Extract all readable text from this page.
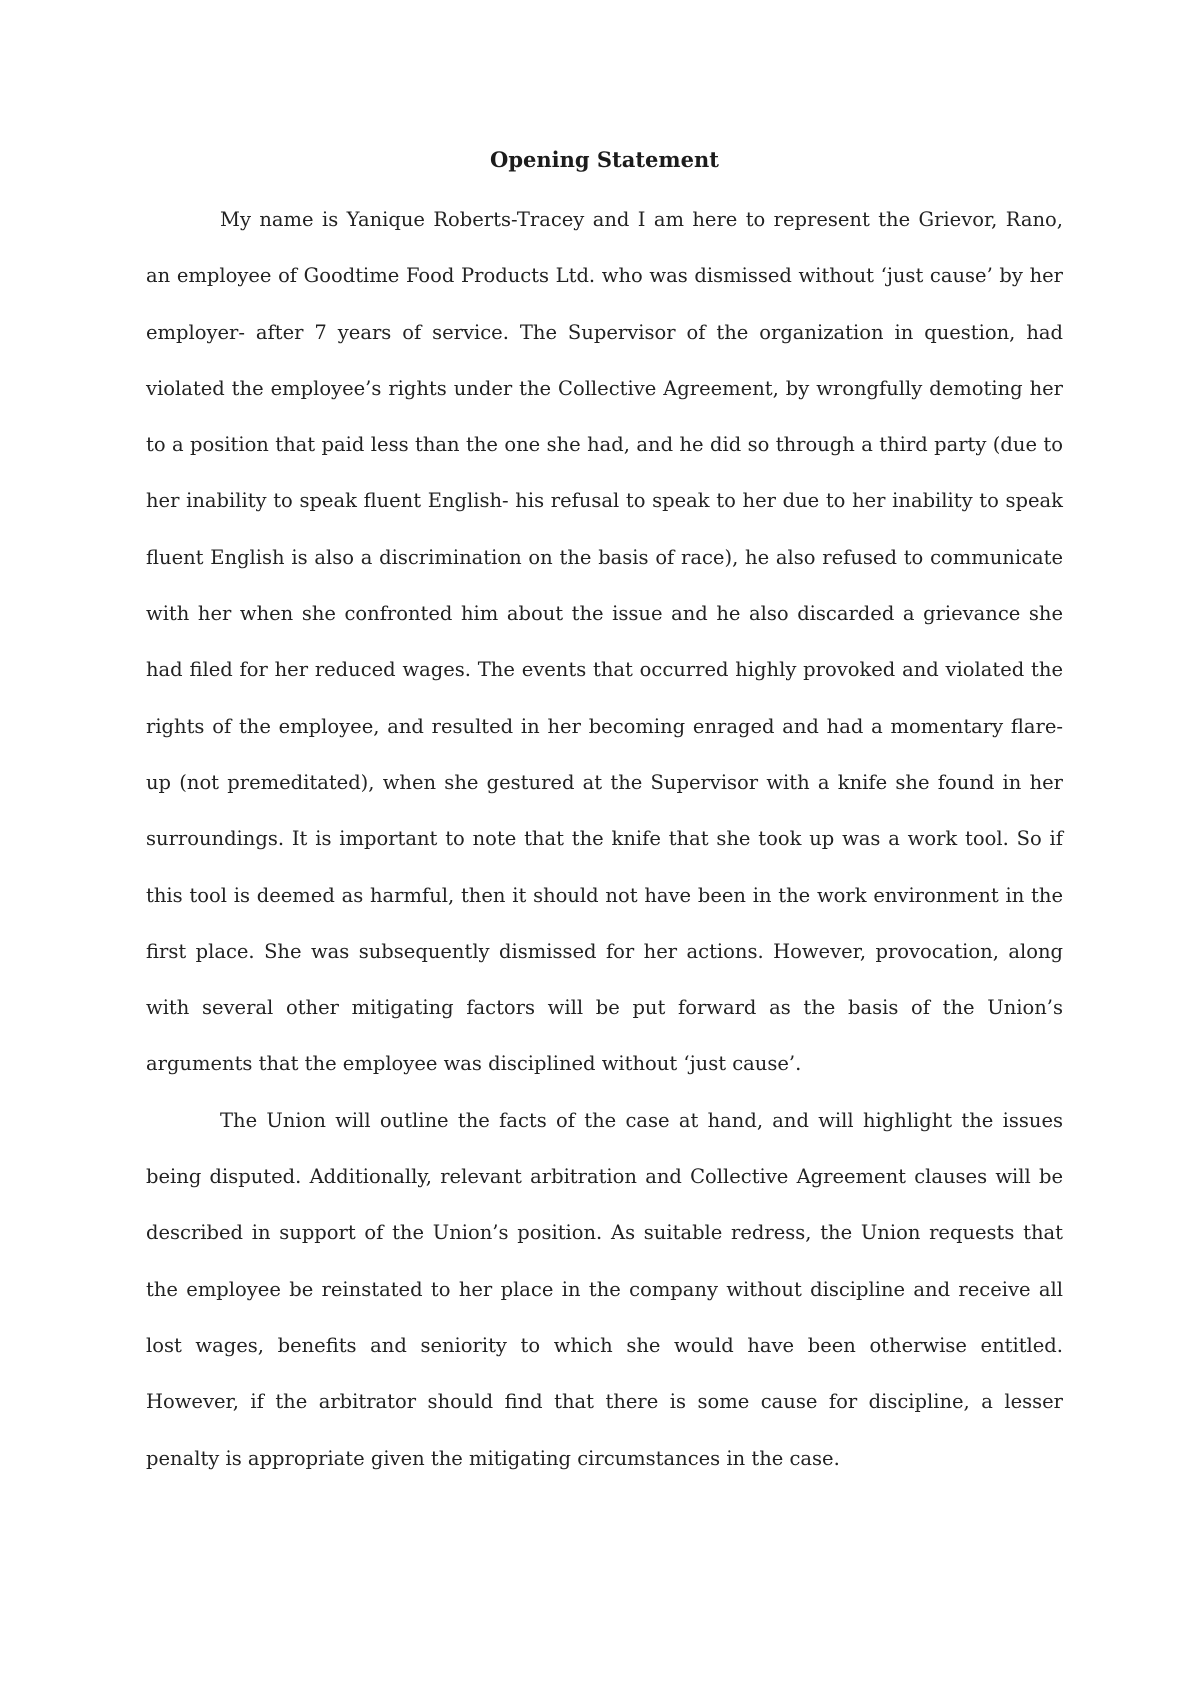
Opening Statement

My name is Yanique Roberts-Tracey and I am here to represent the Grievor, Rano, an employee of Goodtime Food Products Ltd. who was dismissed without ‘just cause’ by her employer- after 7 years of service. The Supervisor of the organization in question, had violated the employee’s rights under the Collective Agreement, by wrongfully demoting her to a position that paid less than the one she had, and he did so through a third party (due to her inability to speak fluent English- his refusal to speak to her due to her inability to speak fluent English is also a discrimination on the basis of race), he also refused to communicate with her when she confronted him about the issue and he also discarded a grievance she had filed for her reduced wages. The events that occurred highly provoked and violated the rights of the employee, and resulted in her becoming enraged and had a momentary flare-up (not premeditated), when she gestured at the Supervisor with a knife she found in her surroundings. It is important to note that the knife that she took up was a work tool. So if this tool is deemed as harmful, then it should not have been in the work environment in the first place. She was subsequently dismissed for her actions. However, provocation, along with several other mitigating factors will be put forward as the basis of the Union’s arguments that the employee was disciplined without ‘just cause’.

The Union will outline the facts of the case at hand, and will highlight the issues being disputed. Additionally, relevant arbitration and Collective Agreement clauses will be described in support of the Union’s position. As suitable redress, the Union requests that the employee be reinstated to her place in the company without discipline and receive all lost wages, benefits and seniority to which she would have been otherwise entitled. However, if the arbitrator should find that there is some cause for discipline, a lesser penalty is appropriate given the mitigating circumstances in the case.
